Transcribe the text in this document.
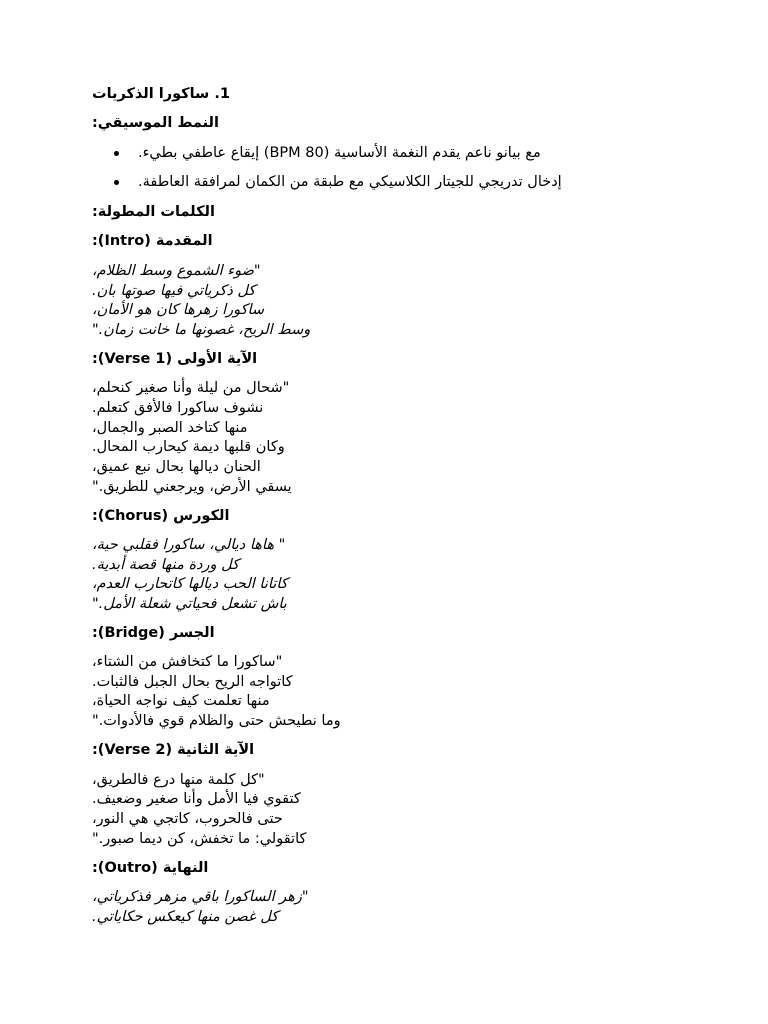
1. ساكورا الذكريات
النمط الموسيقي:
مع بيانو ناعم يقدم النغمة الأساسية (80 BPM) إيقاع عاطفي بطيء.
إدخال تدريجي للجيتار الكلاسيكي مع طبقة من الكمان لمرافقة العاطفة.
الكلمات المطولة:
المقدمة (Intro):
"ضوء الشموع وسط الظلام،
كل ذكرياتي فيها صوتها بان.
ساكورا زهرها كان هو الأمان،
وسط الريح، غصونها ما خانت زمان."
الآية الأولى (Verse 1):
"شحال من ليلة وأنا صغير كنحلم،
نشوف ساكورا فالأفق كتعلم.
منها كتاخد الصبر والجمال،
وكان قلبها ديمة كيحارب المحال.
الحنان ديالها بحال نبع عميق،
يسقي الأرض، ويرجعني للطريق."
الكورس (Chorus):
" هاها ديالي، ساكورا فقلبي حية،
كل وردة منها قصة أبدية.
كاتانا الحب ديالها كاتحارب العدم،
باش تشعل فحياتي شعلة الأمل."
الجسر (Bridge):
"ساكورا ما كتخافش من الشتاء،
كاتواجه الريح بحال الجبل فالثبات.
منها تعلمت كيف نواجه الحياة،
وما نطيحش حتى والظلام قوي فالأدوات."
الآية الثانية (Verse 2):
"كل كلمة منها درع فالطريق،
كتقوي فيا الأمل وأنا صغير وضعيف.
حتى فالحروب، كاتجي هي النور،
كاتقولي: ما تخفش، كن ديما صبور."
النهاية (Outro):
"زهر الساكورا باقي مزهر فذكرياتي،
كل غصن منها كيعكس حكاياتي.
